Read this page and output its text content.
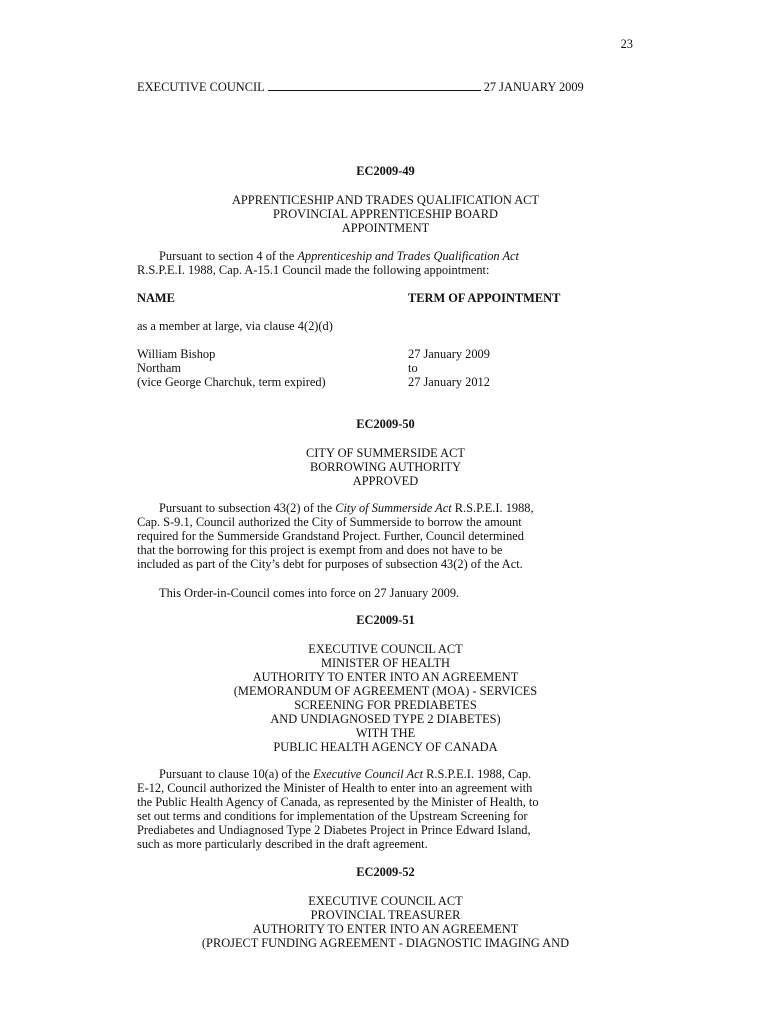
23
EXECUTIVE COUNCIL	27 JANUARY 2009
EC2009-49
APPRENTICESHIP AND TRADES QUALIFICATION ACT
PROVINCIAL APPRENTICESHIP BOARD
APPOINTMENT
Pursuant to section 4 of the Apprenticeship and Trades Qualification Act
R.S.P.E.I. 1988, Cap. A-15.1 Council made the following appointment:
NAME	TERM OF APPOINTMENT
as a member at large, via clause 4(2)(d)
William Bishop
Northam
(vice George Charchuk, term expired)
27 January 2009
to
27 January 2012
EC2009-50
CITY OF SUMMERSIDE ACT
BORROWING AUTHORITY
APPROVED
Pursuant to subsection 43(2) of the City of Summerside Act R.S.P.E.I. 1988,
Cap. S-9.1, Council authorized the City of Summerside to borrow the amount
required for the Summerside Grandstand Project. Further, Council determined
that the borrowing for this project is exempt from and does not have to be
included as part of the City’s debt for purposes of subsection 43(2) of the Act.
This Order-in-Council comes into force on 27 January 2009.
EC2009-51
EXECUTIVE COUNCIL ACT
MINISTER OF HEALTH
AUTHORITY TO ENTER INTO AN AGREEMENT
(MEMORANDUM OF AGREEMENT (MOA) - SERVICES
SCREENING FOR PREDIABETES
AND UNDIAGNOSED TYPE 2 DIABETES)
WITH THE
PUBLIC HEALTH AGENCY OF CANADA
Pursuant to clause 10(a) of the Executive Council Act R.S.P.E.I. 1988, Cap.
E-12, Council authorized the Minister of Health to enter into an agreement with
the Public Health Agency of Canada, as represented by the Minister of Health, to
set out terms and conditions for implementation of the Upstream Screening for
Prediabetes and Undiagnosed Type 2 Diabetes Project in Prince Edward Island,
such as more particularly described in the draft agreement.
EC2009-52
EXECUTIVE COUNCIL ACT
PROVINCIAL TREASURER
AUTHORITY TO ENTER INTO AN AGREEMENT
(PROJECT FUNDING AGREEMENT - DIAGNOSTIC IMAGING AND
